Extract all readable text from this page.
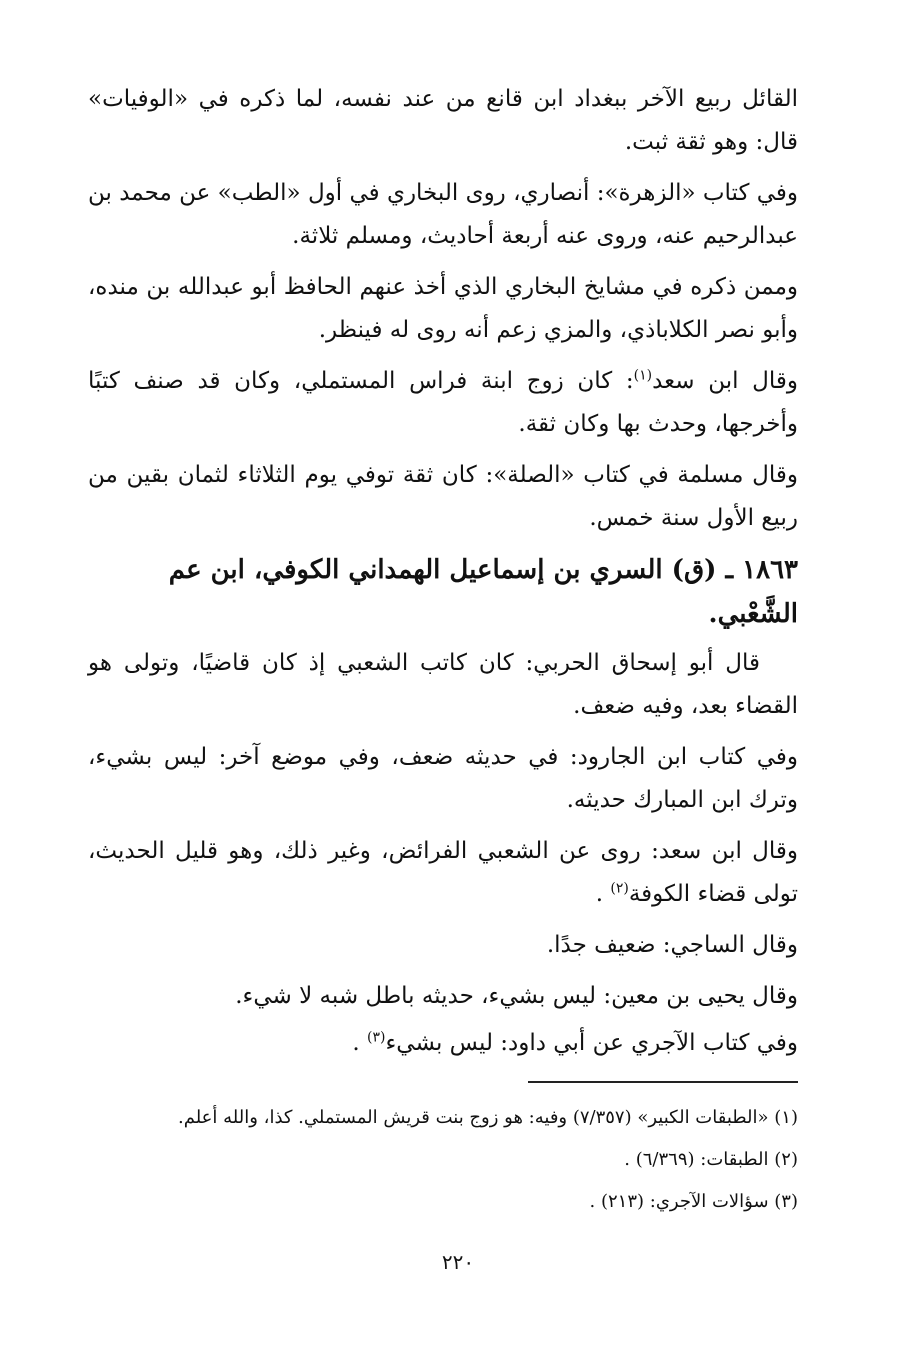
القائل ربيع الآخر ببغداد ابن قانع من عند نفسه، لما ذكره في «الوفيات» قال: وهو ثقة ثبت.

وفي كتاب «الزهرة»: أنصاري، روى البخاري في أول «الطب» عن محمد بن عبدالرحيم عنه، وروى عنه أربعة أحاديث، ومسلم ثلاثة.

وممن ذكره في مشايخ البخاري الذي أخذ عنهم الحافظ أبو عبدالله بن منده، وأبو نصر الكلاباذي، والمزي زعم أنه روى له فينظر.

وقال ابن سعد$^{(١)}$: كان زوج ابنة فراس المستملي، وكان قد صنف كتبًا وأخرجها، وحدث بها وكان ثقة.

وقال مسلمة في كتاب «الصلة»: كان ثقة توفي يوم الثلاثاء لثمان بقين من ربيع الأول سنة خمس.

١٨٦٣ ـ (ق) السري بن إسماعيل الهمداني الكوفي، ابن عم الشَّعْبي.

قال أبو إسحاق الحربي: كان كاتب الشعبي إذ كان قاضيًا، وتولى هو القضاء بعد، وفيه ضعف.

وفي كتاب ابن الجارود: في حديثه ضعف، وفي موضع آخر: ليس بشيء، وترك ابن المبارك حديثه.

وقال ابن سعد: روى عن الشعبي الفرائض، وغير ذلك، وهو قليل الحديث، تولى قضاء الكوفة$^{(٢)}$ .

وقال الساجي: ضعيف جدًا.

وقال يحيى بن معين: ليس بشيء، حديثه باطل شبه لا شيء.

وفي كتاب الآجري عن أبي داود: ليس بشيء$^{(٣)}$ .

(١) «الطبقات الكبير» (٧/٣٥٧) وفيه: هو زوج بنت قريش المستملي. كذا، والله أعلم.

(٢) الطبقات: (٦/٣٦٩) .

(٣) سؤالات الآجري: (٢١٣) .

٢٢٠
